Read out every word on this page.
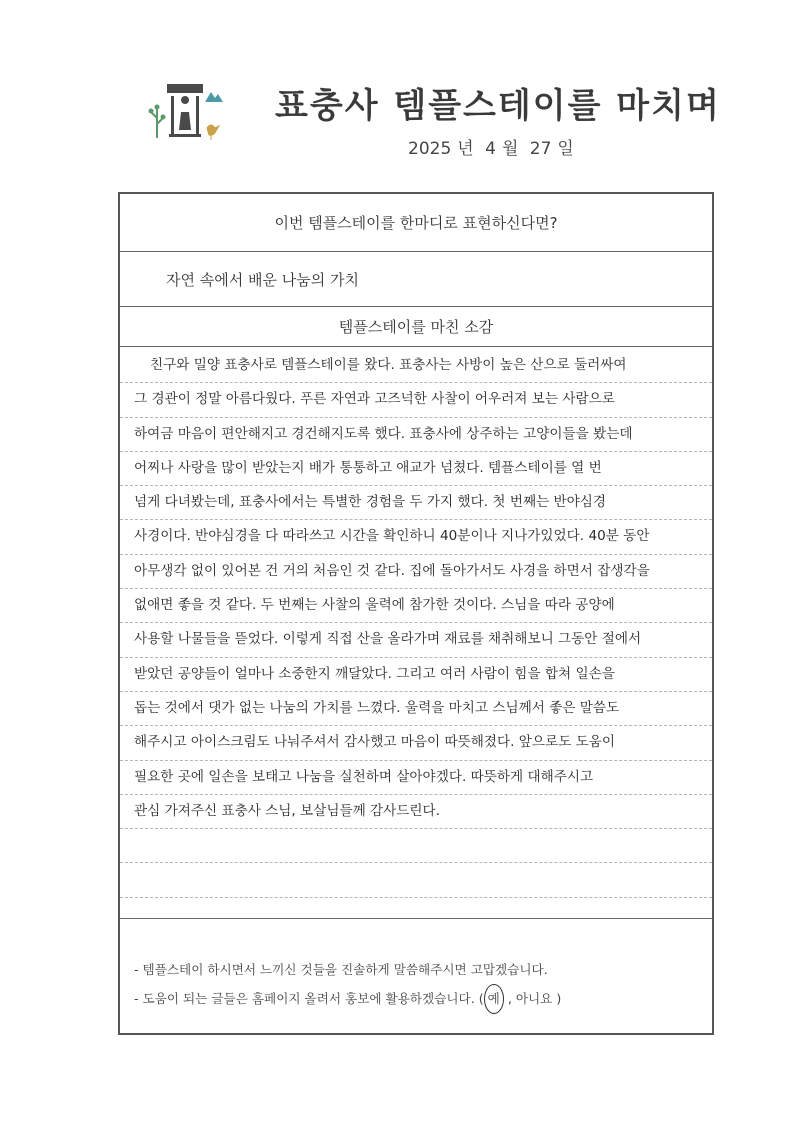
표충사 템플스테이를 마치며
2025 년 4 월 27 일
이번 템플스테이를 한마디로 표현하신다면?
자연 속에서 배운 나눔의 가치
템플스테이를 마친 소감
친구와 밀양 표충사로 템플스테이를 왔다. 표충사는 사방이 높은 산으로 둘러싸여
그 경관이 정말 아름다웠다. 푸른 자연과 고즈넉한 사찰이 어우러져 보는 사람으로
하여금 마음이 편안해지고 경건해지도록 했다. 표충사에 상주하는 고양이들을 봤는데
어찌나 사랑을 많이 받았는지 배가 통통하고 애교가 넘쳤다. 템플스테이를 열 번
넘게 다녀봤는데, 표충사에서는 특별한 경험을 두 가지 했다. 첫 번째는 반야심경
사경이다. 반야심경을 다 따라쓰고 시간을 확인하니 40분이나 지나가있었다. 40분 동안
아무생각 없이 있어본 건 거의 처음인 것 같다. 집에 돌아가서도 사경을 하면서 잡생각을
없애면 좋을 것 같다. 두 번째는 사찰의 울력에 참가한 것이다. 스님을 따라 공양에
사용할 나물들을 뜯었다. 이렇게 직접 산을 올라가며 재료를 채취해보니 그동안 절에서
받았던 공양들이 얼마나 소중한지 깨달았다. 그리고 여러 사람이 힘을 합쳐 일손을
돕는 것에서 댓가 없는 나눔의 가치를 느꼈다. 울력을 마치고 스님께서 좋은 말씀도
해주시고 아이스크림도 나눠주셔서 감사했고 마음이 따뜻해졌다. 앞으로도 도움이
필요한 곳에 일손을 보태고 나눔을 실천하며 살아야겠다. 따뜻하게 대해주시고
관심 가져주신 표충사 스님, 보살님들께 감사드린다.
- 템플스테이 하시면서 느끼신 것들을 진솔하게 말씀해주시면 고맙겠습니다.
- 도움이 되는 글들은 홈페이지 올려서 홍보에 활용하겠습니다. ( 예 , 아니요 )
